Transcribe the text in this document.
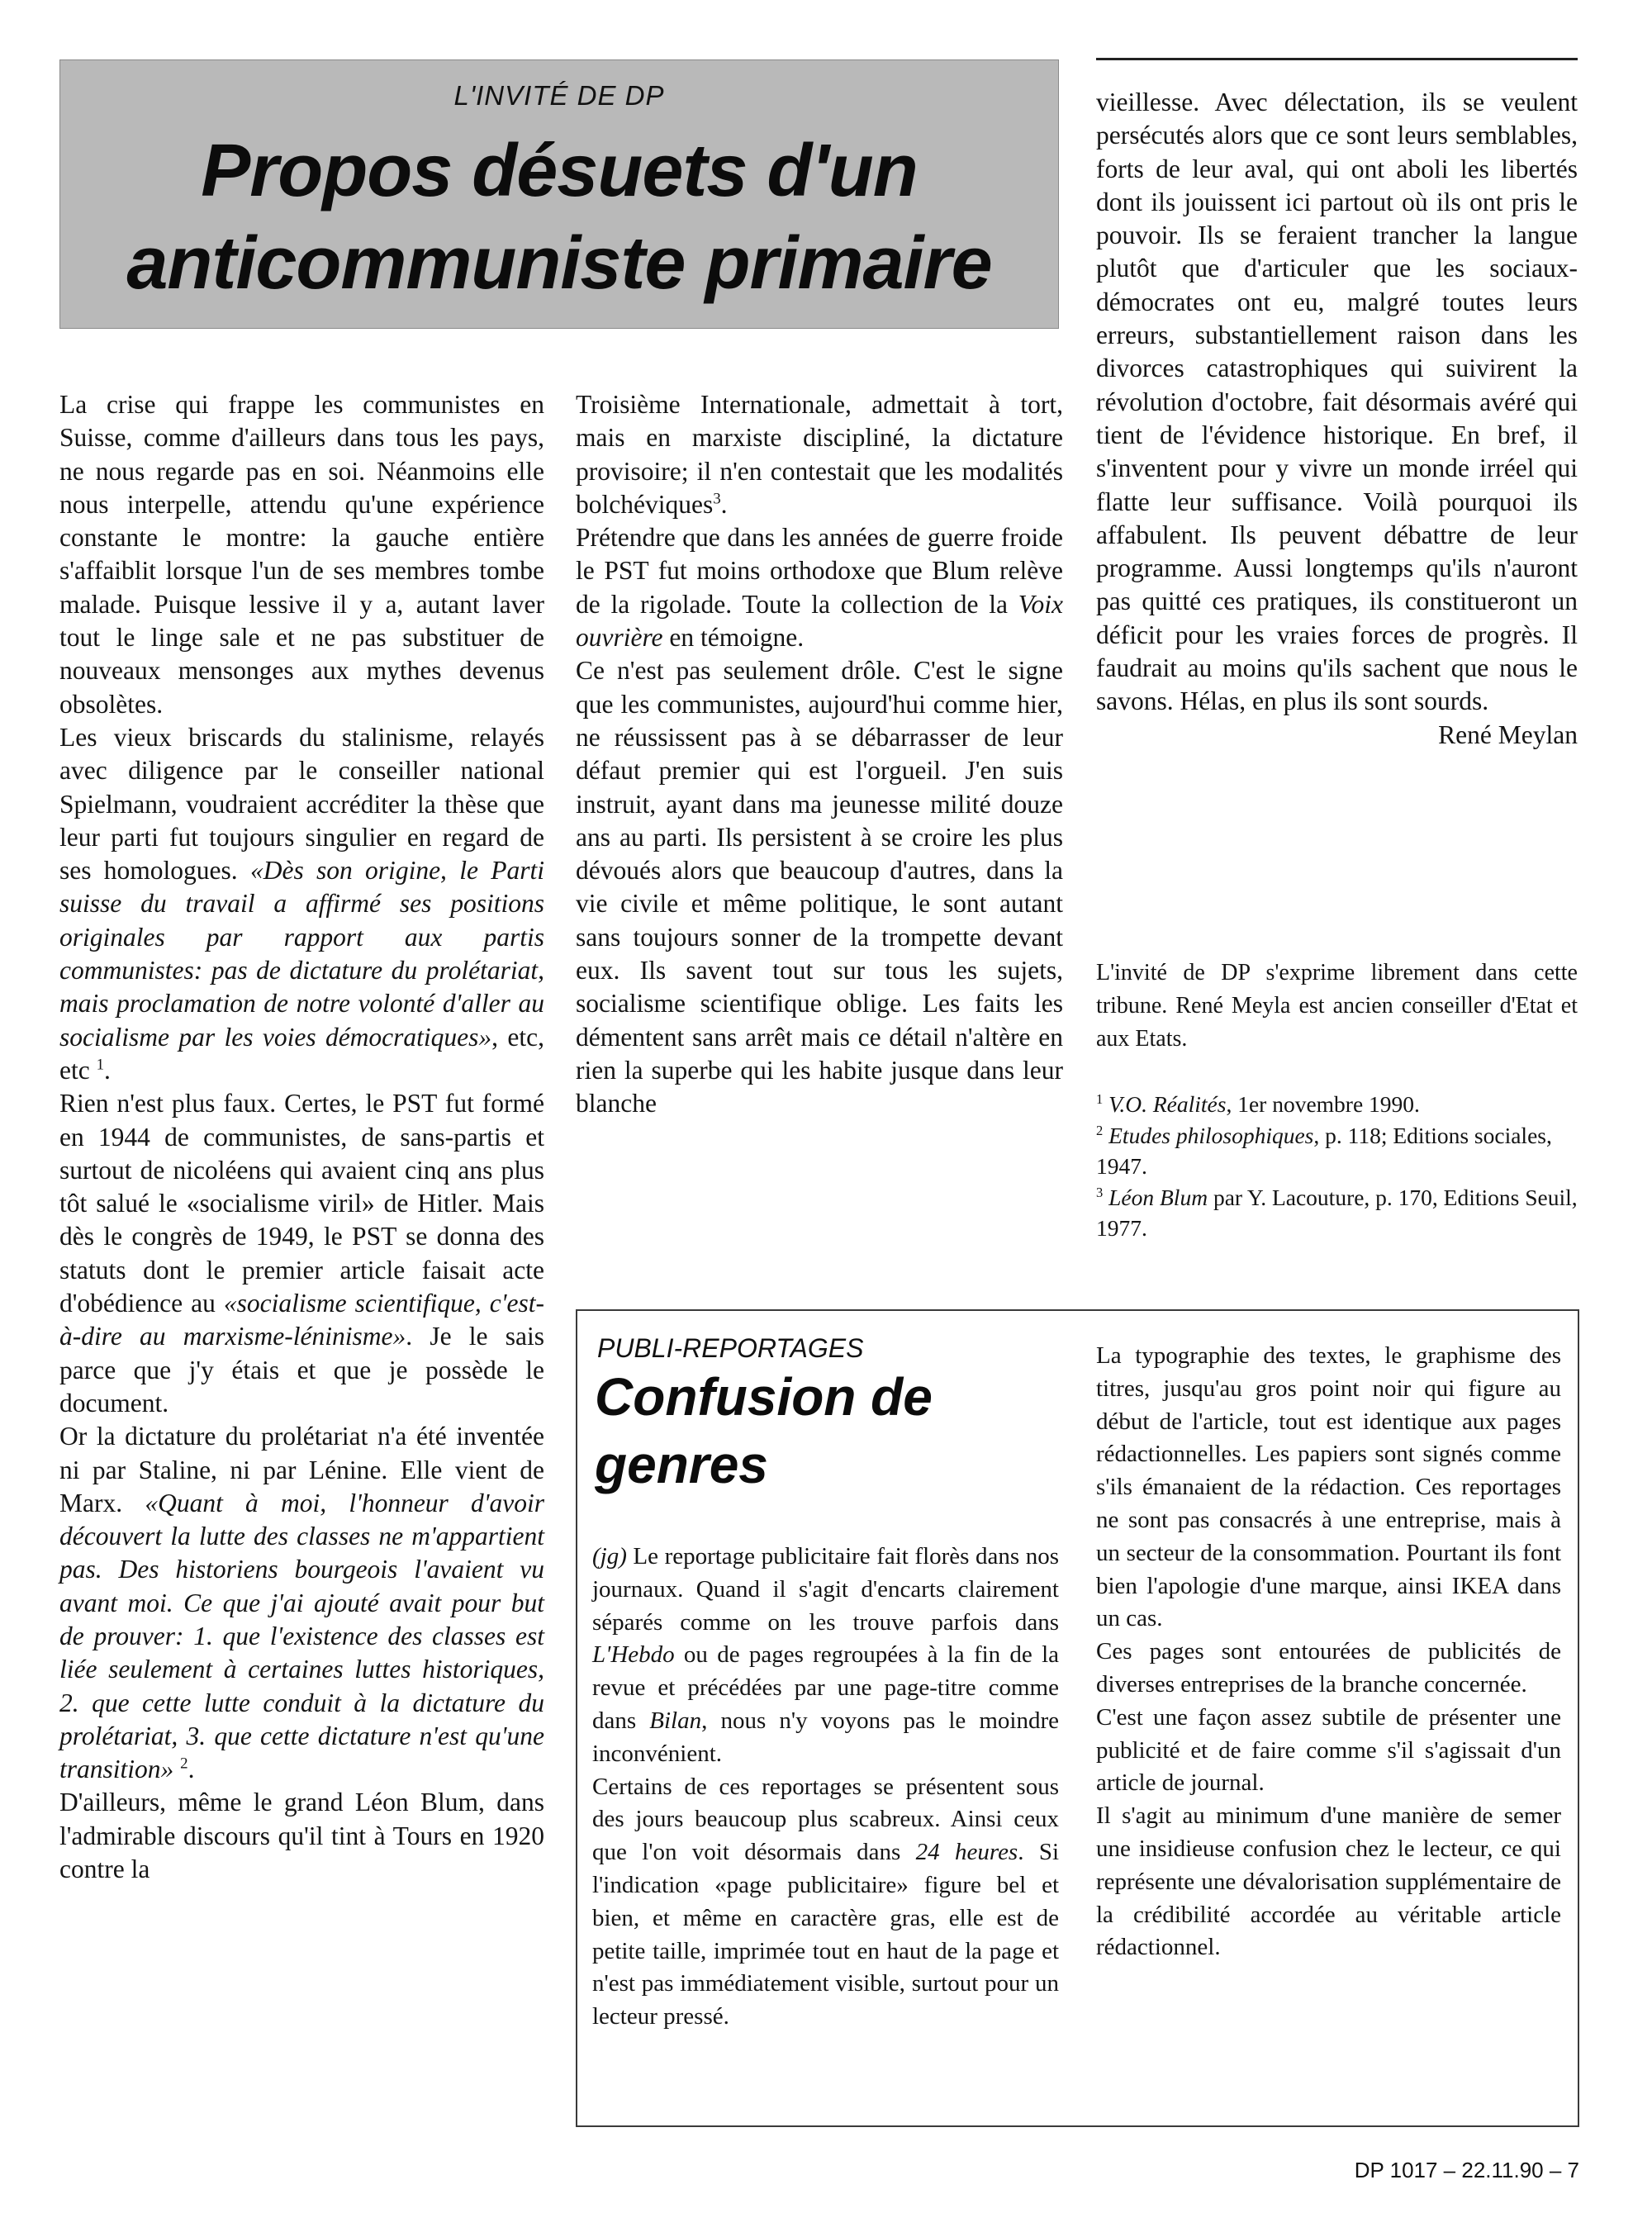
L'INVITÉ DE DP
Propos désuets d'un anticommuniste primaire

La crise qui frappe les communistes en Suisse, comme d'ailleurs dans tous les pays, ne nous regarde pas en soi. Néanmoins elle nous interpelle, attendu qu'une expérience constante le montre: la gauche entière s'affaiblit lorsque l'un de ses membres tombe malade. Puisque lessive il y a, autant laver tout le linge sale et ne pas substituer de nouveaux mensonges aux mythes devenus obsolètes.

Les vieux briscards du stalinisme, relayés avec diligence par le conseiller national Spielmann, voudraient accréditer la thèse que leur parti fut toujours singulier en regard de ses homologues. «Dès son origine, le Parti suisse du travail a affirmé ses positions originales par rapport aux partis communistes: pas de dictature du prolétariat, mais proclamation de notre volonté d'aller au socialisme par les voies démocratiques», etc, etc $^1$.

Rien n'est plus faux. Certes, le PST fut formé en 1944 de communistes, de sans-partis et surtout de nicoléens qui avaient cinq ans plus tôt salué le «socialisme viril» de Hitler. Mais dès le congrès de 1949, le PST se donna des statuts dont le premier article faisait acte d'obédience au «socialisme scientifique, c'est-à-dire au marxisme-léninisme». Je le sais parce que j'y étais et que je possède le document.

Or la dictature du prolétariat n'a été inventée ni par Staline, ni par Lénine. Elle vient de Marx. «Quant à moi, l'honneur d'avoir découvert la lutte des classes ne m'appartient pas. Des historiens bourgeois l'avaient vu avant moi. Ce que j'ai ajouté avait pour but de prouver: 1. que l'existence des classes est liée seulement à certaines luttes historiques, 2. que cette lutte conduit à la dictature du prolétariat, 3. que cette dictature n'est qu'une transition» $^2$.

D'ailleurs, même le grand Léon Blum, dans l'admirable discours qu'il tint à Tours en 1920 contre la

Troisième Internationale, admettait à tort, mais en marxiste discipliné, la dictature provisoire; il n'en contestait que les modalités bolchéviques$^3$.

Prétendre que dans les années de guerre froide le PST fut moins orthodoxe que Blum relève de la rigolade. Toute la collection de la Voix ouvrière en témoigne.

Ce n'est pas seulement drôle. C'est le signe que les communistes, aujourd'hui comme hier, ne réussissent pas à se débarrasser de leur défaut premier qui est l'orgueil. J'en suis instruit, ayant dans ma jeunesse milité douze ans au parti. Ils persistent à se croire les plus dévoués alors que beaucoup d'autres, dans la vie civile et même politique, le sont autant sans toujours sonner de la trompette devant eux. Ils savent tout sur tous les sujets, socialisme scientifique oblige. Les faits les démentent sans arrêt mais ce détail n'altère en rien la superbe qui les habite jusque dans leur blanche

vieillesse. Avec délectation, ils se veulent persécutés alors que ce sont leurs semblables, forts de leur aval, qui ont aboli les libertés dont ils jouissent ici partout où ils ont pris le pouvoir. Ils se feraient trancher la langue plutôt que d'articuler que les sociaux-démocrates ont eu, malgré toutes leurs erreurs, substantiellement raison dans les divorces catastrophiques qui suivirent la révolution d'octobre, fait désormais avéré qui tient de l'évidence historique. En bref, il s'inventent pour y vivre un monde irréel qui flatte leur suffisance. Voilà pourquoi ils affabulent. Ils peuvent débattre de leur programme. Aussi longtemps qu'ils n'auront pas quitté ces pratiques, ils constitueront un déficit pour les vraies forces de progrès. Il faudrait au moins qu'ils sachent que nous le savons. Hélas, en plus ils sont sourds.

René Meylan

L'invité de DP s'exprime librement dans cette tribune. René Meyla est ancien conseiller d'Etat et aux Etats.

$^1$ V.O. Réalités, 1er novembre 1990.

$^2$ Etudes philosophiques, p. 118; Editions sociales, 1947.

$^3$ Léon Blum par Y. Lacouture, p. 170, Editions Seuil, 1977.

PUBLI-REPORTAGES
Confusion de genres

(jg) Le reportage publicitaire fait florès dans nos journaux. Quand il s'agit d'encarts clairement séparés comme on les trouve parfois dans L'Hebdo ou de pages regroupées à la fin de la revue et précédées par une page-titre comme dans Bilan, nous n'y voyons pas le moindre inconvénient.

Certains de ces reportages se présentent sous des jours beaucoup plus scabreux. Ainsi ceux que l'on voit désormais dans 24 heures. Si l'indication «page publicitaire» figure bel et bien, et même en caractère gras, elle est de petite taille, imprimée tout en haut de la page et n'est pas immédiatement visible, surtout pour un lecteur pressé.

La typographie des textes, le graphisme des titres, jusqu'au gros point noir qui figure au début de l'article, tout est identique aux pages rédactionnelles. Les papiers sont signés comme s'ils émanaient de la rédaction. Ces reportages ne sont pas consacrés à une entreprise, mais à un secteur de la consommation. Pourtant ils font bien l'apologie d'une marque, ainsi IKEA dans un cas.

Ces pages sont entourées de publicités de diverses entreprises de la branche concernée.

C'est une façon assez subtile de présenter une publicité et de faire comme s'il s'agissait d'un article de journal.

Il s'agit au minimum d'une manière de semer une insidieuse confusion chez le lecteur, ce qui représente une dévalorisation supplémentaire de la crédibilité accordée au véritable article rédactionnel.

DP 1017 – 22.11.90 – 7
